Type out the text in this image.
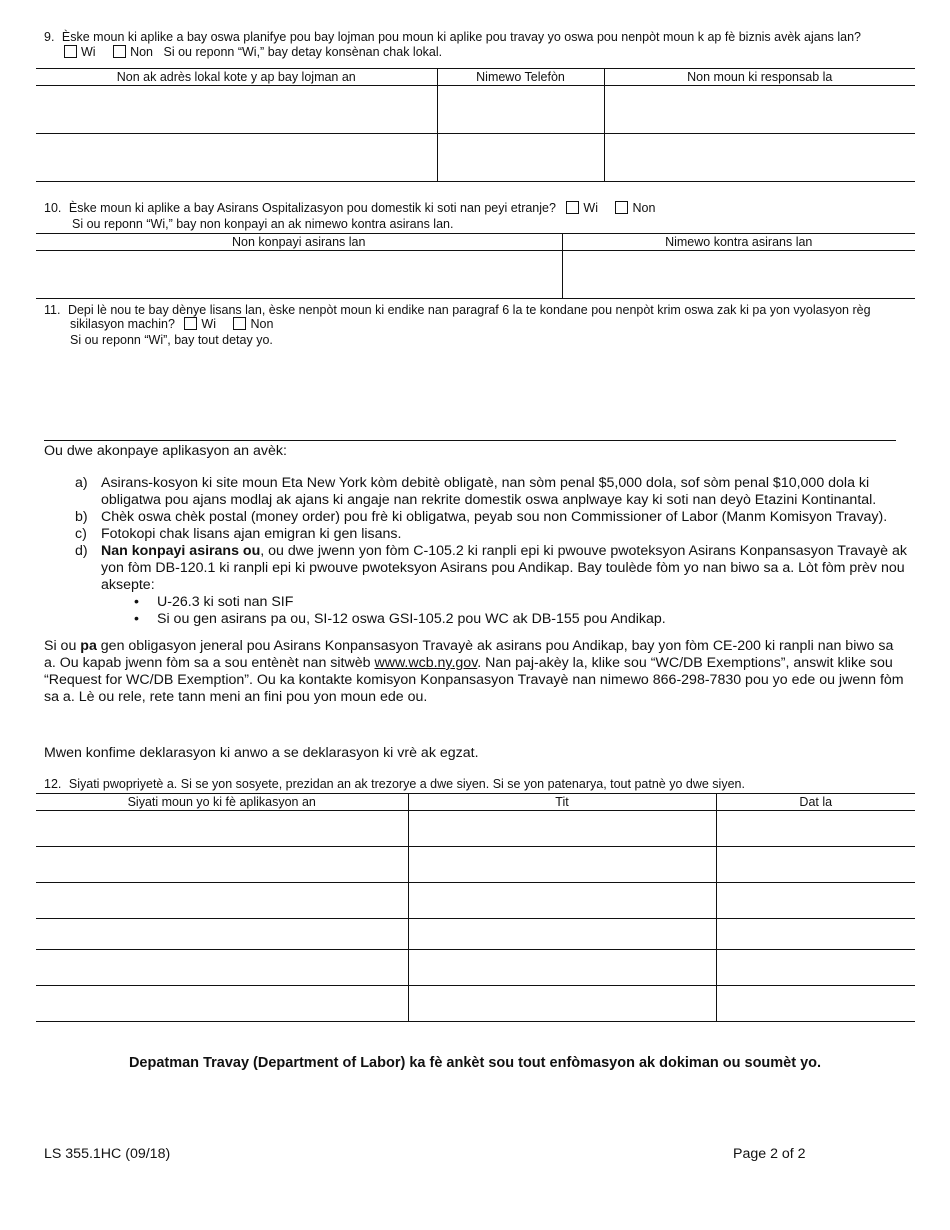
9. Èske moun ki aplike a bay oswa planifye pou bay lojman pou moun ki aplike pou travay yo oswa pou nenpòt moun k ap fè biznis avèk ajans lan?
Wi	Non Si ou reponn “Wi,” bay detay konsènan chak lokal.
Non ak adrès lokal kote y ap bay lojman an	Nimewo Telefòn	Non moun ki responsab la

10. Èske moun ki aplike a bay Asirans Ospitalizasyon pou domestik ki soti nan peyi etranje? Wi	Non
Si ou reponn “Wi,” bay non konpayi an ak nimewo kontra asirans lan.
Non konpayi asirans lan	Nimewo kontra asirans lan

11. Depi lè nou te bay dènye lisans lan, èske nenpòt moun ki endike nan paragraf 6 la te kondane pou nenpòt krim oswa zak ki pa yon vyolasyon règ
sikilasyon machin? Wi	Non
Si ou reponn “Wi”, bay tout detay yo.
Ou dwe akonpaye aplikasyon an avèk:
a) Asirans-kosyon ki site moun Eta New York kòm debitè obligatè, nan sòm penal $5,000 dola, sof sòm penal $10,000 dola ki obligatwa pou ajans modlaj ak ajans ki angaje nan rekrite domestik oswa anplwaye kay ki soti nan deyò Etazini Kontinantal.
b) Chèk oswa chèk postal (money order) pou frè ki obligatwa, peyab sou non Commissioner of Labor (Manm Komisyon Travay).
c) Fotokopi chak lisans ajan emigran ki gen lisans.
d) Nan konpayi asirans ou, ou dwe jwenn yon fòm C-105.2 ki ranpli epi ki pwouve pwoteksyon Asirans Konpansasyon Travayè ak yon fòm DB-120.1 ki ranpli epi ki pwouve pwoteksyon Asirans pou Andikap. Bay toulède fòm yo nan biwo sa a. Lòt fòm prèv nou aksepte:
• U-26.3 ki soti nan SIF
• Si ou gen asirans pa ou, SI-12 oswa GSI-105.2 pou WC ak DB-155 pou Andikap.
Si ou pa gen obligasyon jeneral pou Asirans Konpansasyon Travayè ak asirans pou Andikap, bay yon fòm CE-200 ki ranpli nan biwo sa a. Ou kapab jwenn fòm sa a sou entènèt nan sitwèb www.wcb.ny.gov. Nan paj-akèy la, klike sou “WC/DB Exemptions”, answit klike sou “Request for WC/DB Exemption”. Ou ka kontakte komisyon Konpansasyon Travayè nan nimewo 866-298-7830 pou yo ede ou jwenn fòm sa a. Lè ou rele, rete tann meni an fini pou yon moun ede ou.
Mwen konfime deklarasyon ki anwo a se deklarasyon ki vrè ak egzat.
12. Siyati pwopriyetè a. Si se yon sosyete, prezidan an ak trezorye a dwe siyen. Si se yon patenarya, tout patnè yo dwe siyen.
Siyati moun yo ki fè aplikasyon an	Tit	Dat la

Depatman Travay (Department of Labor) ka fè ankèt sou tout enfòmasyon ak dokiman ou soumèt yo.
LS 355.1HC (09/18)	Page 2 of 2
